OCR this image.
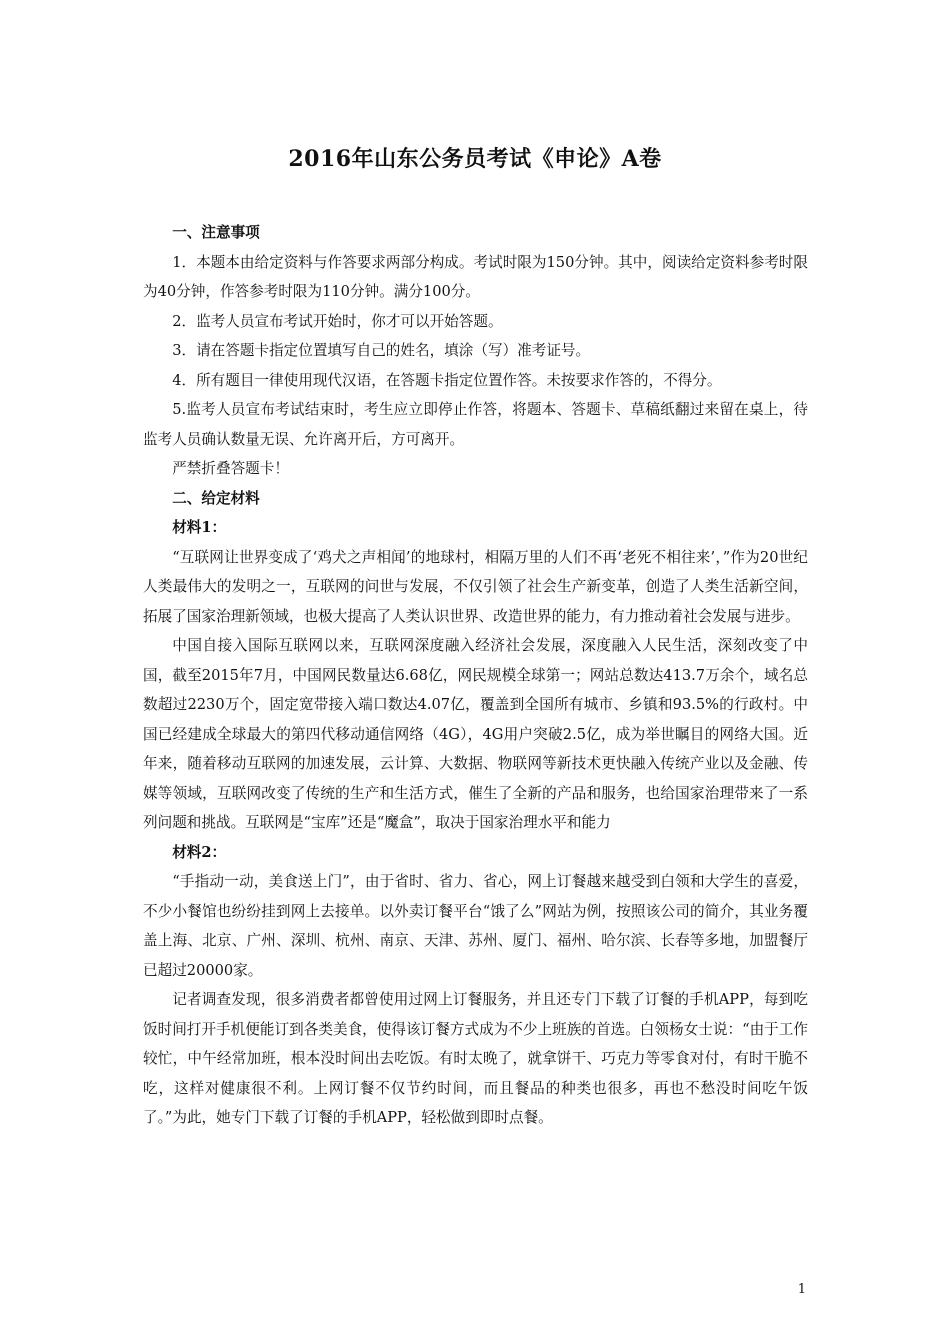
2016年山东公务员考试《申论》A卷

一、注意事项

1．本题本由给定资料与作答要求两部分构成。考试时限为150分钟。其中，阅读给定资料参考时限为40分钟，作答参考时限为110分钟。满分100分。

2．监考人员宣布考试开始时，你才可以开始答题。

3．请在答题卡指定位置填写自己的姓名，填涂（写）准考证号。

4．所有题目一律使用现代汉语，在答题卡指定位置作答。未按要求作答的，不得分。

5.监考人员宣布考试结束时，考生应立即停止作答，将题本、答题卡、草稿纸翻过来留在桌上，待监考人员确认数量无误、允许离开后，方可离开。

严禁折叠答题卡！

二、给定材料

材料1：

“互联网让世界变成了‘鸡犬之声相闻’的地球村，相隔万里的人们不再‘老死不相往来’，”作为20世纪人类最伟大的发明之一，互联网的问世与发展，不仅引领了社会生产新变革，创造了人类生活新空间，拓展了国家治理新领域，也极大提高了人类认识世界、改造世界的能力，有力推动着社会发展与进步。

中国自接入国际互联网以来，互联网深度融入经济社会发展，深度融入人民生活，深刻改变了中国，截至2015年7月，中国网民数量达6.68亿，网民规模全球第一；网站总数达413.7万余个，域名总数超过2230万个，固定宽带接入端口数达4.07亿，覆盖到全国所有城市、乡镇和93.5%的行政村。中国已经建成全球最大的第四代移动通信网络（4G），4G用户突破2.5亿，成为举世瞩目的网络大国。近年来，随着移动互联网的加速发展，云计算、大数据、物联网等新技术更快融入传统产业以及金融、传媒等领域，互联网改变了传统的生产和生活方式，催生了全新的产品和服务，也给国家治理带来了一系列问题和挑战。互联网是“宝库”还是“魔盒”，取决于国家治理水平和能力

材料2：

“手指动一动，美食送上门”，由于省时、省力、省心，网上订餐越来越受到白领和大学生的喜爱，不少小餐馆也纷纷挂到网上去接单。以外卖订餐平台“饿了么”网站为例，按照该公司的简介，其业务覆盖上海、北京、广州、深圳、杭州、南京、天津、苏州、厦门、福州、哈尔滨、长春等多地，加盟餐厅已超过20000家。

记者调查发现，很多消费者都曾使用过网上订餐服务，并且还专门下载了订餐的手机APP，每到吃饭时间打开手机便能订到各类美食，使得该订餐方式成为不少上班族的首选。白领杨女士说：“由于工作较忙，中午经常加班，根本没时间出去吃饭。有时太晚了，就拿饼干、巧克力等零食对付，有时干脆不吃，这样对健康很不利。上网订餐不仅节约时间，而且餐品的种类也很多，再也不愁没时间吃午饭了。”为此，她专门下载了订餐的手机APP，轻松做到即时点餐。

1
